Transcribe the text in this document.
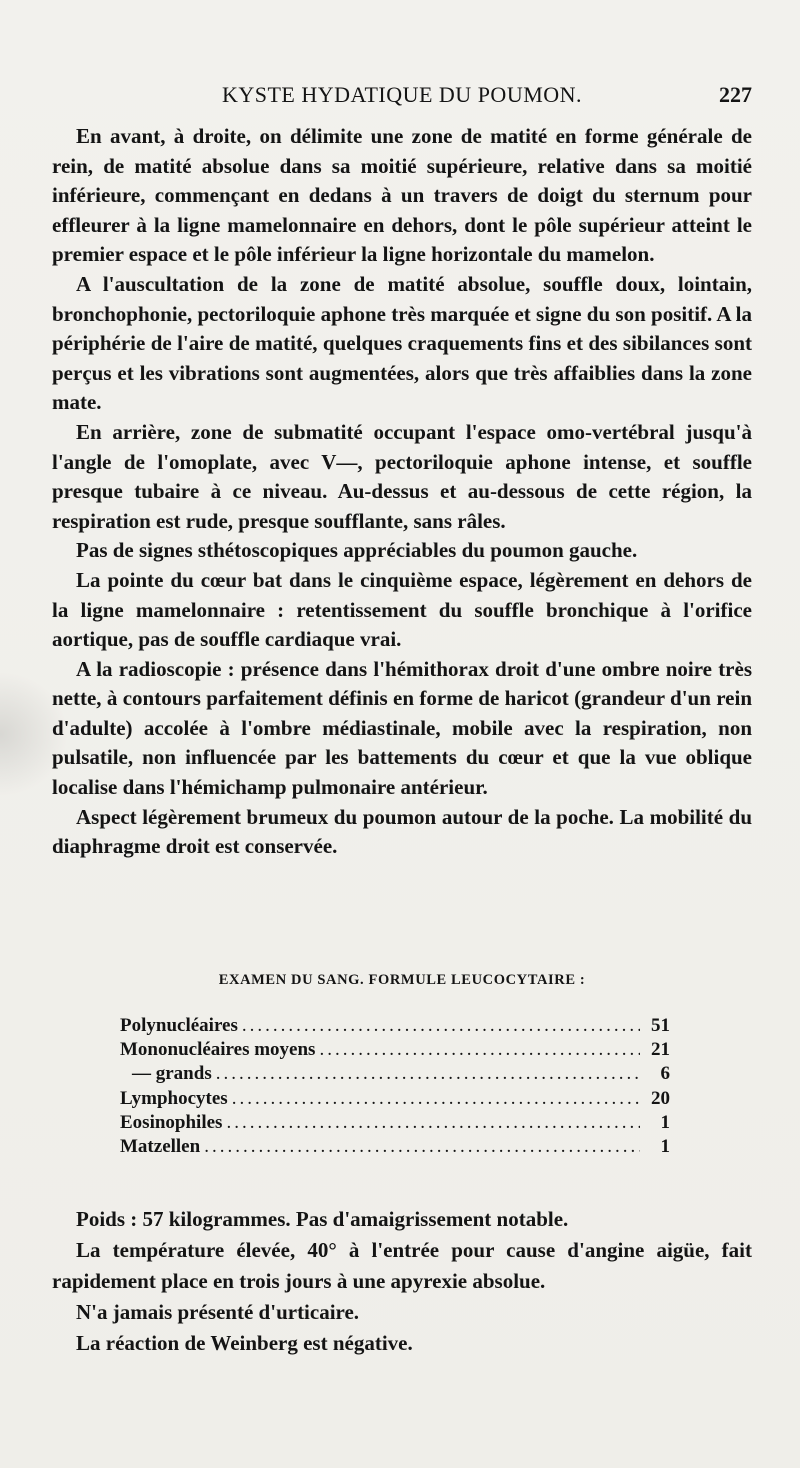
KYSTE HYDATIQUE DU POUMON.	227

En avant, à droite, on délimite une zone de matité en forme générale de rein, de matité absolue dans sa moitié supérieure, relative dans sa moitié inférieure, commençant en dedans à un travers de doigt du sternum pour effleurer à la ligne mamelonnaire en dehors, dont le pôle supérieur atteint le premier espace et le pôle inférieur la ligne horizontale du mamelon.

A l'auscultation de la zone de matité absolue, souffle doux, lointain, bronchophonie, pectoriloquie aphone très marquée et signe du son positif. A la périphérie de l'aire de matité, quelques craquements fins et des sibilances sont perçus et les vibrations sont augmentées, alors que très affaiblies dans la zone mate.

En arrière, zone de submatité occupant l'espace omo-vertébral jusqu'à l'angle de l'omoplate, avec V—, pectoriloquie aphone intense, et souffle presque tubaire à ce niveau. Au-dessus et au-dessous de cette région, la respiration est rude, presque soufflante, sans râles.

Pas de signes sthétoscopiques appréciables du poumon gauche.

La pointe du cœur bat dans le cinquième espace, légèrement en dehors de la ligne mamelonnaire : retentissement du souffle bronchique à l'orifice aortique, pas de souffle cardiaque vrai.

A la radioscopie : présence dans l'hémithorax droit d'une ombre noire très nette, à contours parfaitement définis en forme de haricot (grandeur d'un rein d'adulte) accolée à l'ombre médiastinale, mobile avec la respiration, non pulsatile, non influencée par les battements du cœur et que la vue oblique localise dans l'hémichamp pulmonaire antérieur.

Aspect légèrement brumeux du poumon autour de la poche. La mobilité du diaphragme droit est conservée.

EXAMEN DU SANG. FORMULE LEUCOCYTAIRE :
Polynucléaires .....	51
Mononucléaires moyens .....	21
— grands .....	6
Lymphocytes .....	20
Eosinophiles .....	1
Matzellen .....	1

Poids : 57 kilogrammes. Pas d'amaigrissement notable.

La température élevée, 40° à l'entrée pour cause d'angine aigüe, fait rapidement place en trois jours à une apyrexie absolue.

N'a jamais présenté d'urticaire.

La réaction de Weinberg est négative.
